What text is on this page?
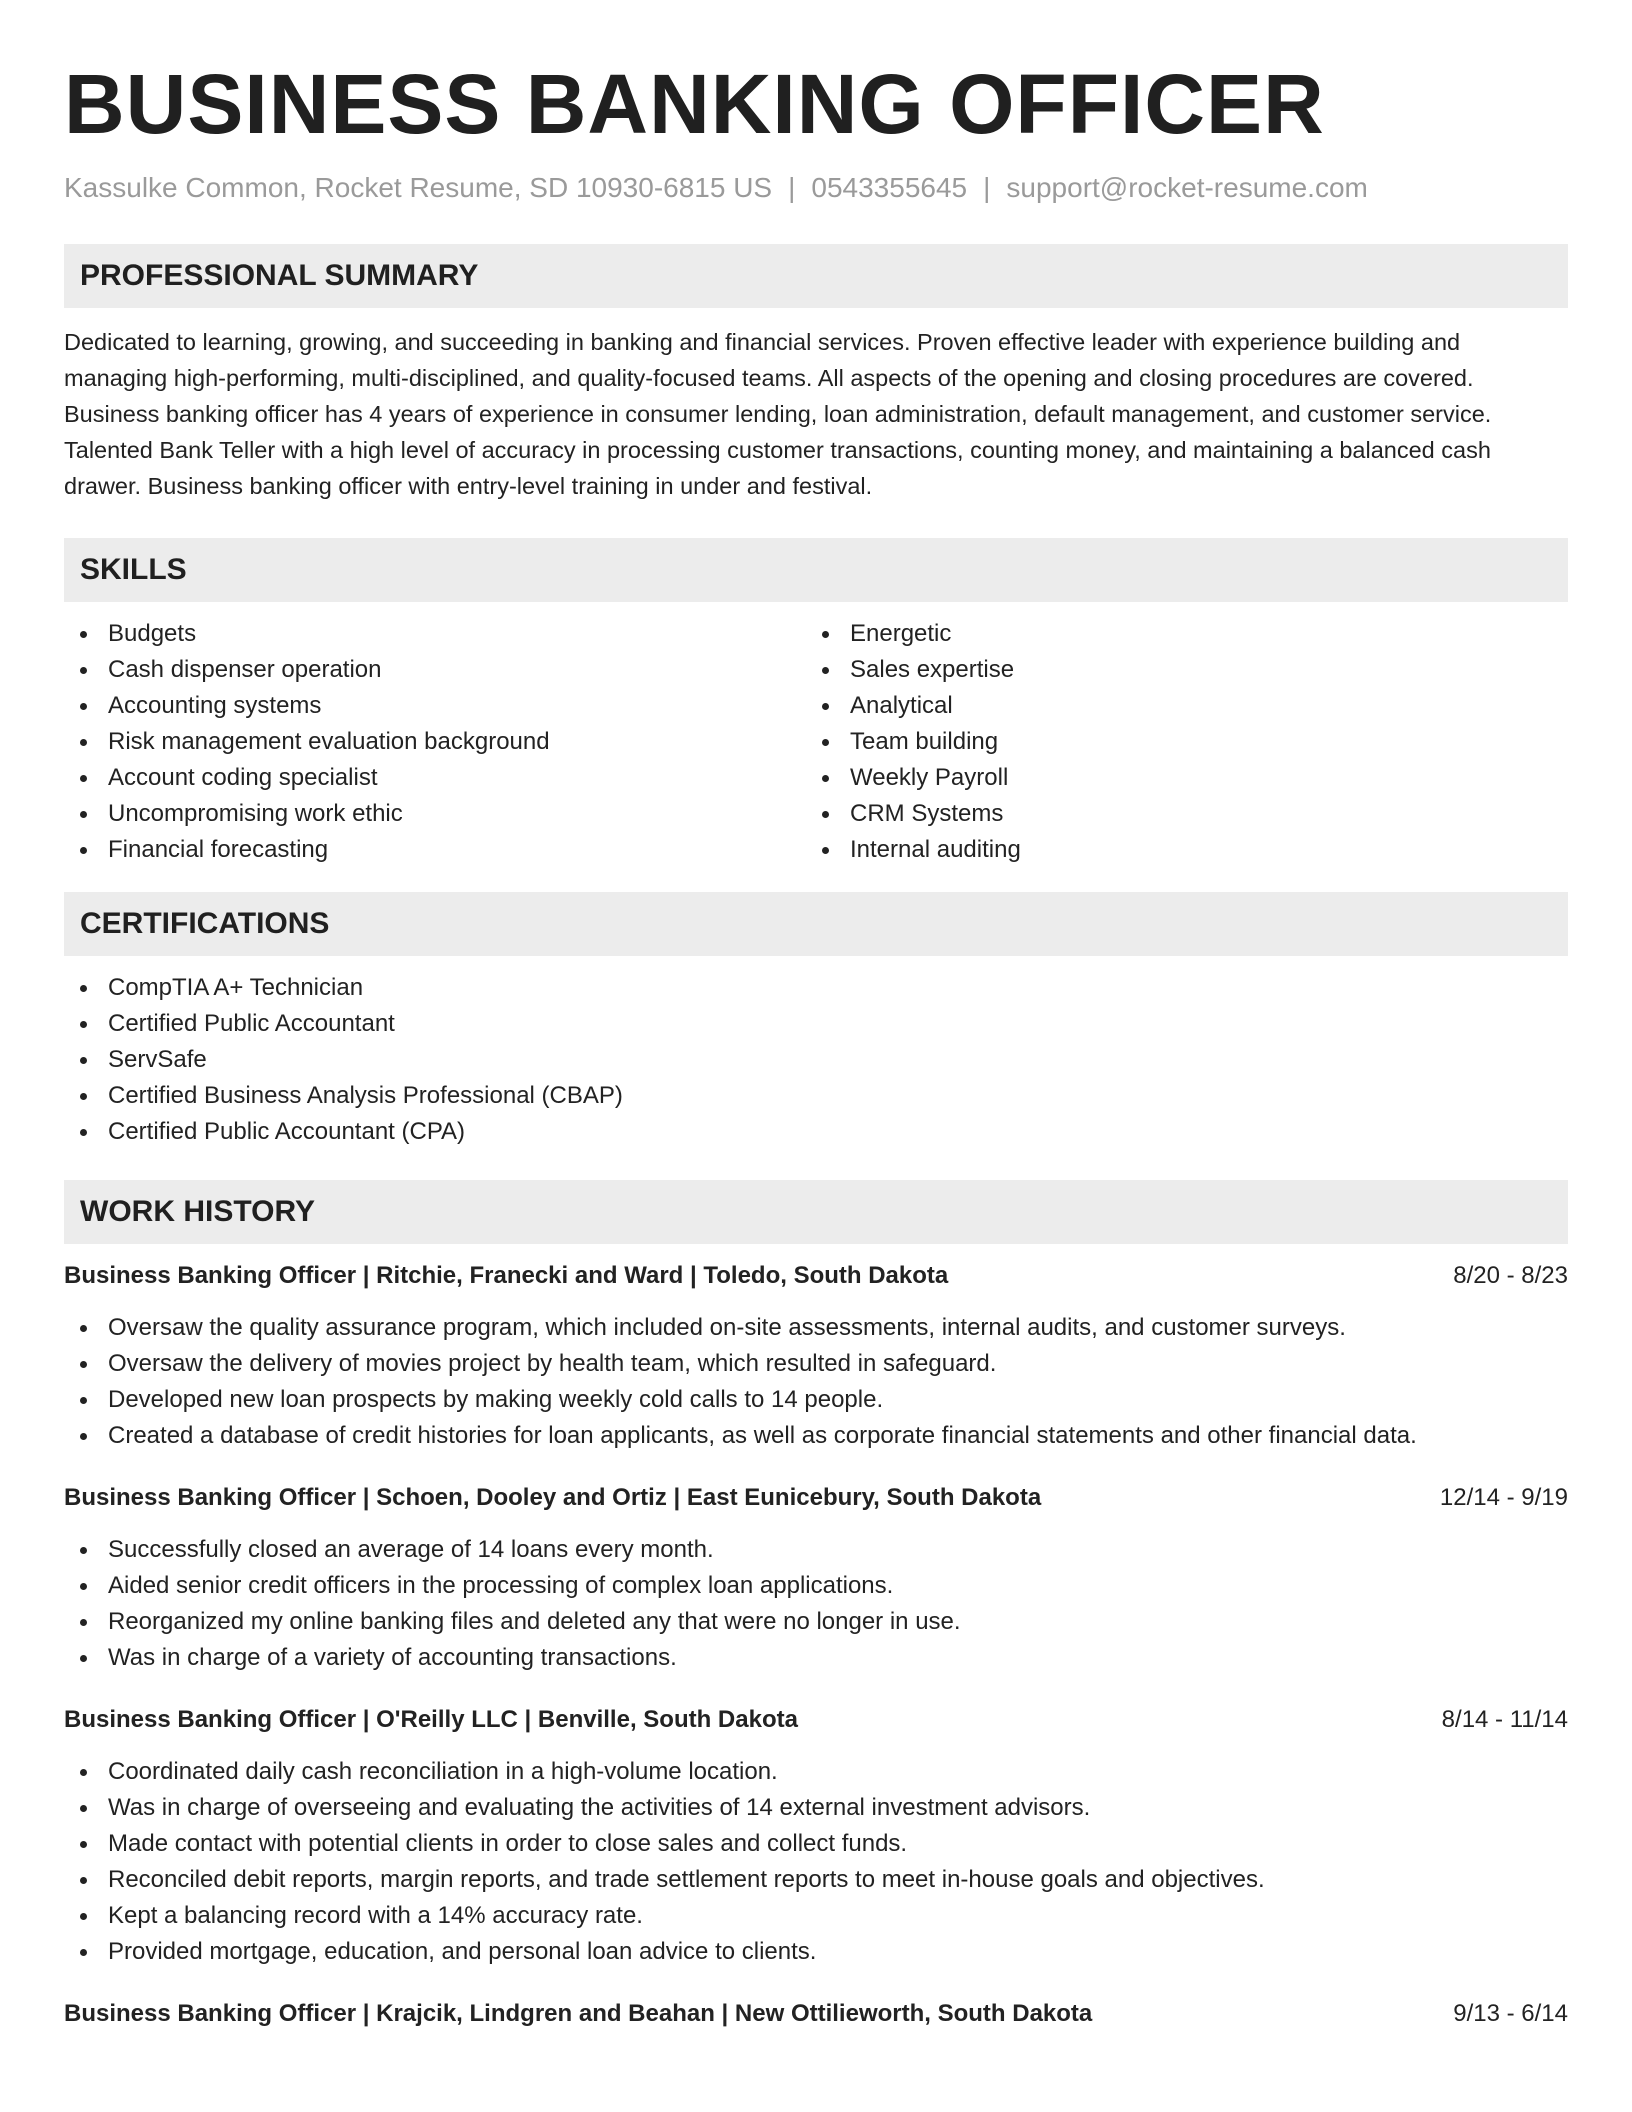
BUSINESS BANKING OFFICER
Kassulke Common, Rocket Resume, SD 10930-6815 US | 0543355645 | support@rocket-resume.com
PROFESSIONAL SUMMARY

Dedicated to learning, growing, and succeeding in banking and financial services. Proven effective leader with experience building and managing high-performing, multi-disciplined, and quality-focused teams. All aspects of the opening and closing procedures are covered. Business banking officer has 4 years of experience in consumer lending, loan administration, default management, and customer service. Talented Bank Teller with a high level of accuracy in processing customer transactions, counting money, and maintaining a balanced cash drawer. Business banking officer with entry-level training in under and festival.

SKILLS
Budgets
Cash dispenser operation
Accounting systems
Risk management evaluation background
Account coding specialist
Uncompromising work ethic
Financial forecasting
Energetic
Sales expertise
Analytical
Team building
Weekly Payroll
CRM Systems
Internal auditing
CERTIFICATIONS
CompTIA A+ Technician
Certified Public Accountant
ServSafe
Certified Business Analysis Professional (CBAP)
Certified Public Accountant (CPA)
WORK HISTORY
Business Banking Officer | Ritchie, Franecki and Ward | Toledo, South Dakota	8/20 - 8/23
Oversaw the quality assurance program, which included on-site assessments, internal audits, and customer surveys.
Oversaw the delivery of movies project by health team, which resulted in safeguard.
Developed new loan prospects by making weekly cold calls to 14 people.
Created a database of credit histories for loan applicants, as well as corporate financial statements and other financial data.
Business Banking Officer | Schoen, Dooley and Ortiz | East Eunicebury, South Dakota	12/14 - 9/19
Successfully closed an average of 14 loans every month.
Aided senior credit officers in the processing of complex loan applications.
Reorganized my online banking files and deleted any that were no longer in use.
Was in charge of a variety of accounting transactions.
Business Banking Officer | O'Reilly LLC | Benville, South Dakota	8/14 - 11/14
Coordinated daily cash reconciliation in a high-volume location.
Was in charge of overseeing and evaluating the activities of 14 external investment advisors.
Made contact with potential clients in order to close sales and collect funds.
Reconciled debit reports, margin reports, and trade settlement reports to meet in-house goals and objectives.
Kept a balancing record with a 14% accuracy rate.
Provided mortgage, education, and personal loan advice to clients.
Business Banking Officer | Krajcik, Lindgren and Beahan | New Ottilieworth, South Dakota	9/13 - 6/14
